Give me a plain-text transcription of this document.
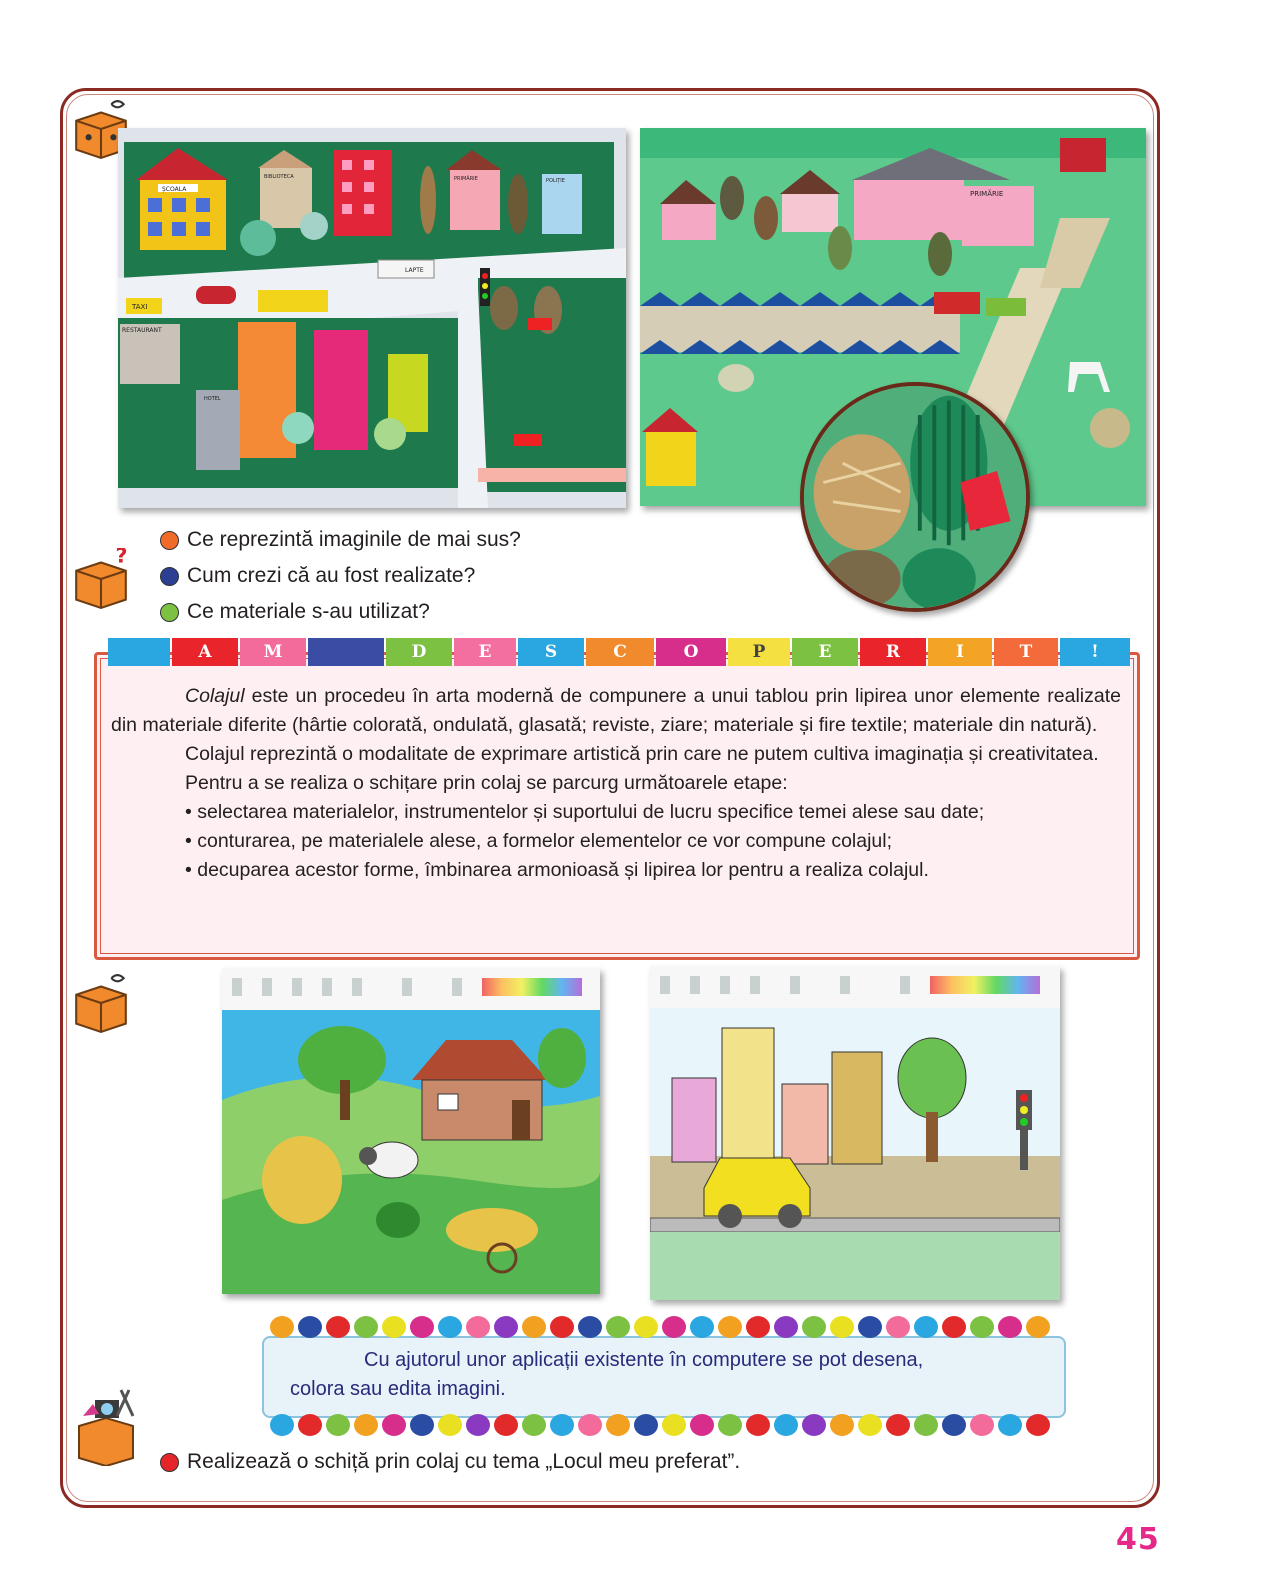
?
ȘCOALA
BIBLIOTECA	PRIMĂRIE	POLIȚIE
LAPTE
TAXI
RESTAURANT
HOTEL
PRIMĂRIE
Ce reprezintă imaginile de mai sus?
Cum crezi că au fost realizate?
Ce materiale s-au utilizat?
A	M	D	E	S	C	O	P	E	R	I	T	!

Colajul este un procedeu în arta modernă de compunere a unui tablou prin lipirea unor elemente realizate din materiale diferite (hârtie colorată, ondulată, glasată; reviste, ziare; materiale și fire textile; materiale din natură).

Colajul reprezintă o modalitate de exprimare artistică prin care ne putem cultiva imaginația și creativitatea.

Pentru a se realiza o schițare prin colaj se parcurg următoarele etape:

• selectarea materialelor, instrumentelor și suportului de lucru specifice temei alese sau date;

• conturarea, pe materialele alese, a formelor elementelor ce vor compune colajul;

• decuparea acestor forme, îmbinarea armonioasă și lipirea lor pentru a realiza colajul.

Cu ajutorul unor aplicații existente în computere se pot desena,
colora sau edita imagini.
Realizează o schiță prin colaj cu tema „Locul meu preferat”.
45
